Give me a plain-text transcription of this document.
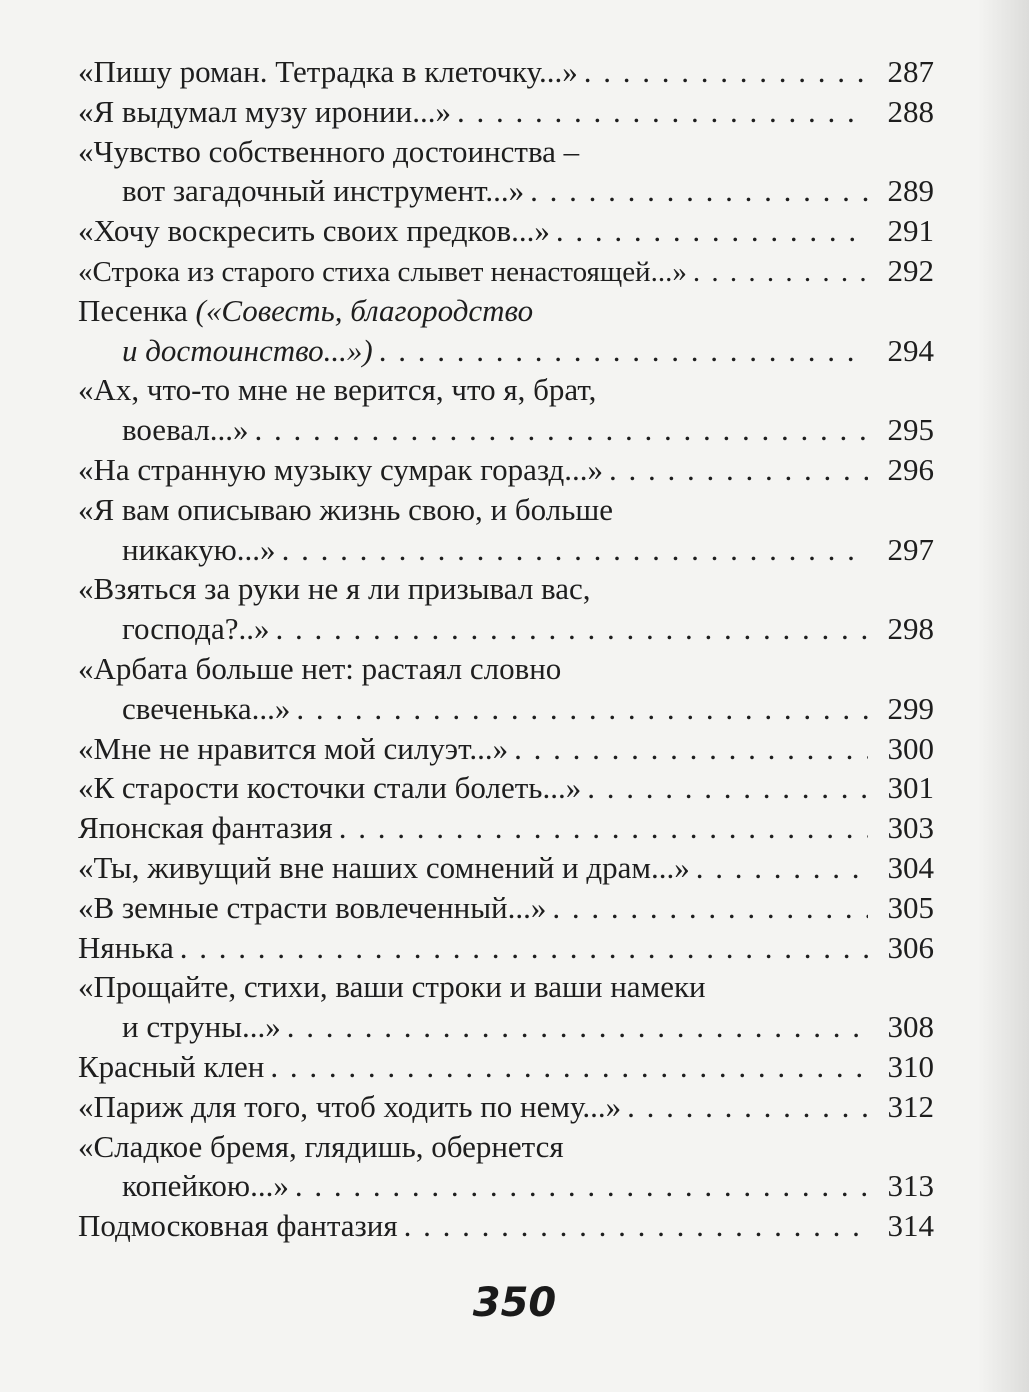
«Пишу роман. Тетрадка в клеточку...» . . .	287
«Я выдумал музу иронии...» . . .	288
«Чувство собственного достоинства –
вот загадочный инструмент...» . . .	289
«Хочу воскресить своих предков...» . . .	291
«Строка из старого стиха слывет ненастоящей...» . . .	292
Песенка («Совесть, благородство
и достоинство...») . . .	294
«Ах, что-то мне не верится, что я, брат,
воевал...» . . .	295
«На странную музыку сумрак горазд...» . . .	296
«Я вам описываю жизнь свою, и больше
никакую...» . . .	297
«Взяться за руки не я ли призывал вас,
господа?..» . . .	298
«Арбата больше нет: растаял словно
свеченька...» . . .	299
«Мне не нравится мой силуэт...» . . .	300
«К старости косточки стали болеть...» . . .	301
Японская фантазия . . .	303
«Ты, живущий вне наших сомнений и драм...» . . .	304
«В земные страсти вовлеченный...» . . .	305
Нянька . . .	306
«Прощайте, стихи, ваши строки и ваши намеки
и струны...» . . .	308
Красный клен . . .	310
«Париж для того, чтоб ходить по нему...» . . .	312
«Сладкое бремя, глядишь, обернется
копейкою...» . . .	313
Подмосковная фантазия . . .	314
350
